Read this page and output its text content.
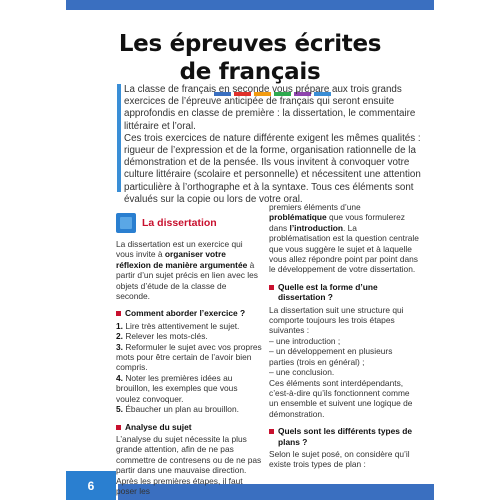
Les épreuves écrites
de français

La classe de français en seconde vous prépare aux trois grands exercices de l’épreuve anticipée de français qui seront ensuite approfondis en classe de première : la dissertation, le commentaire littéraire et l’oral.

Ces trois exercices de nature différente exigent les mêmes qualités : rigueur de l’expression et de la forme, organisation rationnelle de la démonstration et de la pensée. Ils vous invitent à convoquer votre culture littéraire (scolaire et personnelle) et nécessitent une attention particulière à l’orthographe et à la syntaxe. Tous ces éléments sont évalués sur la copie ou lors de votre oral.

La dissertation

La dissertation est un exercice qui vous invite à organiser votre réflexion de manière argumentée à partir d’un sujet précis en lien avec les objets d’étude de la classe de seconde.

Comment aborder l’exercice ?

1. Lire très attentivement le sujet.

2. Relever les mots-clés.

3. Reformuler le sujet avec vos propres mots pour être certain de l’avoir bien compris.

4. Noter les premières idées au brouillon, les exemples que vous voulez convoquer.

5. Ébaucher un plan au brouillon.

Analyse du sujet

L’analyse du sujet nécessite la plus grande attention, afin de ne pas commettre de contresens ou de ne pas partir dans une mauvaise direction. Après les premières étapes, il faut poser les

premiers éléments d’une problématique que vous formulerez dans l’introduction. La problématisation est la question centrale que vous suggère le sujet et à laquelle vous allez répondre point par point dans le développement de votre dissertation.

Quelle est la forme d’une dissertation ?

La dissertation suit une structure qui comporte toujours les trois étapes suivantes :

– une introduction ;

– un développement en plusieurs parties (trois en général) ;

– une conclusion.

Ces éléments sont interdépendants, c’est-à-dire qu’ils fonctionnent comme un ensemble et suivent une logique de démonstration.

Quels sont les différents types de plans ?

Selon le sujet posé, on considère qu’il existe trois types de plan :

6
